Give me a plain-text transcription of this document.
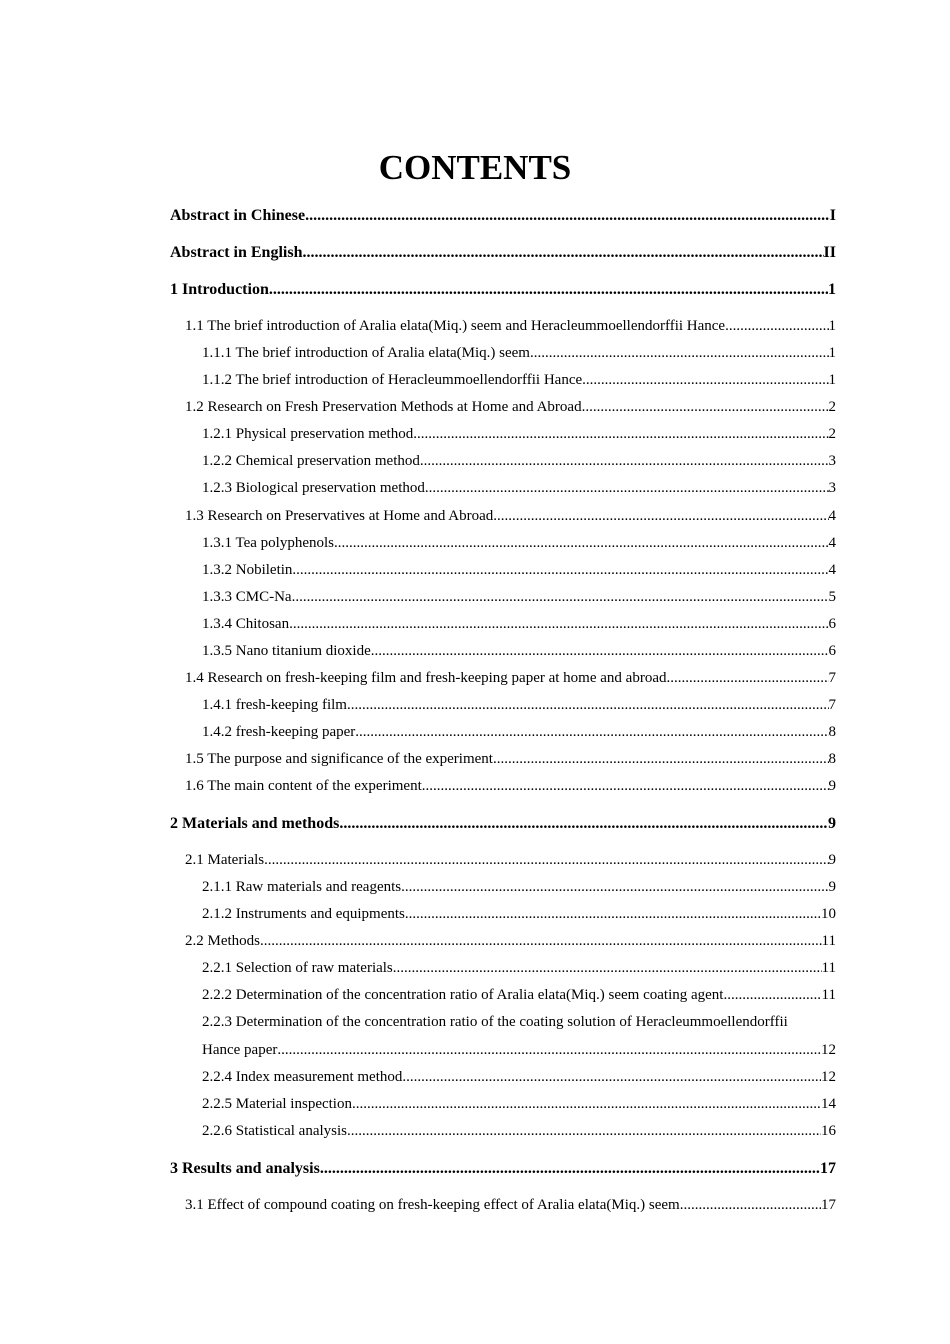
CONTENTS
Abstract in Chinese .....	I
Abstract in English .....	II
1 Introduction .....	1
1.1 The brief introduction of Aralia elata(Miq.) seem and Heracleummoellendorffii Hance .....	1
1.1.1 The brief introduction of Aralia elata(Miq.) seem .....	1
1.1.2 The brief introduction of Heracleummoellendorffii Hance .....	1
1.2 Research on Fresh Preservation Methods at Home and Abroad .....	2
1.2.1 Physical preservation method .....	2
1.2.2 Chemical preservation method .....	3
1.2.3 Biological preservation method .....	3
1.3 Research on Preservatives at Home and Abroad .....	4
1.3.1 Tea polyphenols .....	4
1.3.2 Nobiletin .....	4
1.3.3 CMC-Na .....	5
1.3.4 Chitosan .....	6
1.3.5 Nano titanium dioxide .....	6
1.4 Research on fresh-keeping film and fresh-keeping paper at home and abroad .....	7
1.4.1 fresh-keeping film .....	7
1.4.2 fresh-keeping paper .....	8
1.5 The purpose and significance of the experiment .....	8
1.6 The main content of the experiment .....	9
2 Materials and methods .....	9
2.1 Materials .....	9
2.1.1 Raw materials and reagents .....	9
2.1.2 Instruments and equipments .....	10
2.2 Methods .....	11
2.2.1 Selection of raw materials .....	11
2.2.2 Determination of the concentration ratio of Aralia elata(Miq.) seem coating agent .....	11
2.2.3 Determination of the concentration ratio of the coating solution of Heracleummoellendorffii
Hance paper .....	12
2.2.4 Index measurement method .....	12
2.2.5 Material inspection .....	14
2.2.6 Statistical analysis .....	16
3 Results and analysis .....	17
3.1 Effect of compound coating on fresh-keeping effect of Aralia elata(Miq.) seem .....	17
